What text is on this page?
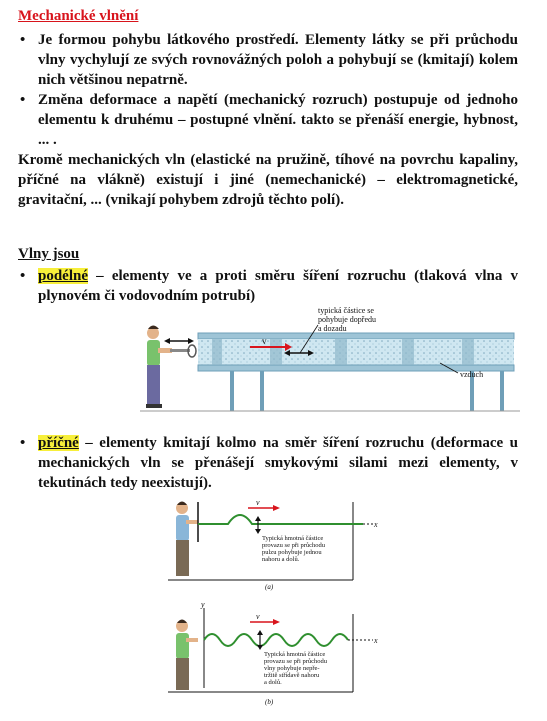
Mechanické vlnění
• Je formou pohybu látkového prostředí. Elementy látky se při průchodu vlny vychylují ze svých rovnovážných poloh a pohybují se (kmitají) kolem nich většinou nepatrně.
• Změna deformace a napětí (mechanický rozruch) postupuje od jednoho elementu k druhému – postupné vlnění. takto se přenáší energie, hybnost, ... .
Kromě mechanických vln (elastické na pružině, tíhové na povrchu kapaliny, příčné na vlákně) existují i jiné (nemechanické) – elektromagnetické, gravitační, ... (vnikají pohybem zdrojů těchto polí).
Vlny jsou
• podélné – elementy ve a proti směru šíření rozruchu (tlaková vlna v plynovém či vodovodním potrubí)
v
typická částice se
pohybuje dopředu
a dozadu
vzduch
• příčné – elementy kmitají kolmo na směr šíření rozruchu (deformace u mechanických vln se přenášejí smykovými silami mezi elementy, v tekutinách tedy neexistují).
x
v
Typická hmotná částice
provazu se při průchodu
pulzu pohybuje jednou
nahoru a dolů.
(a)
y
x
v
Typická hmotná částice
provazu se při průchodu
vlny pohybuje nepře-
tržitě střídavě nahoru
a dolů.
(b)
